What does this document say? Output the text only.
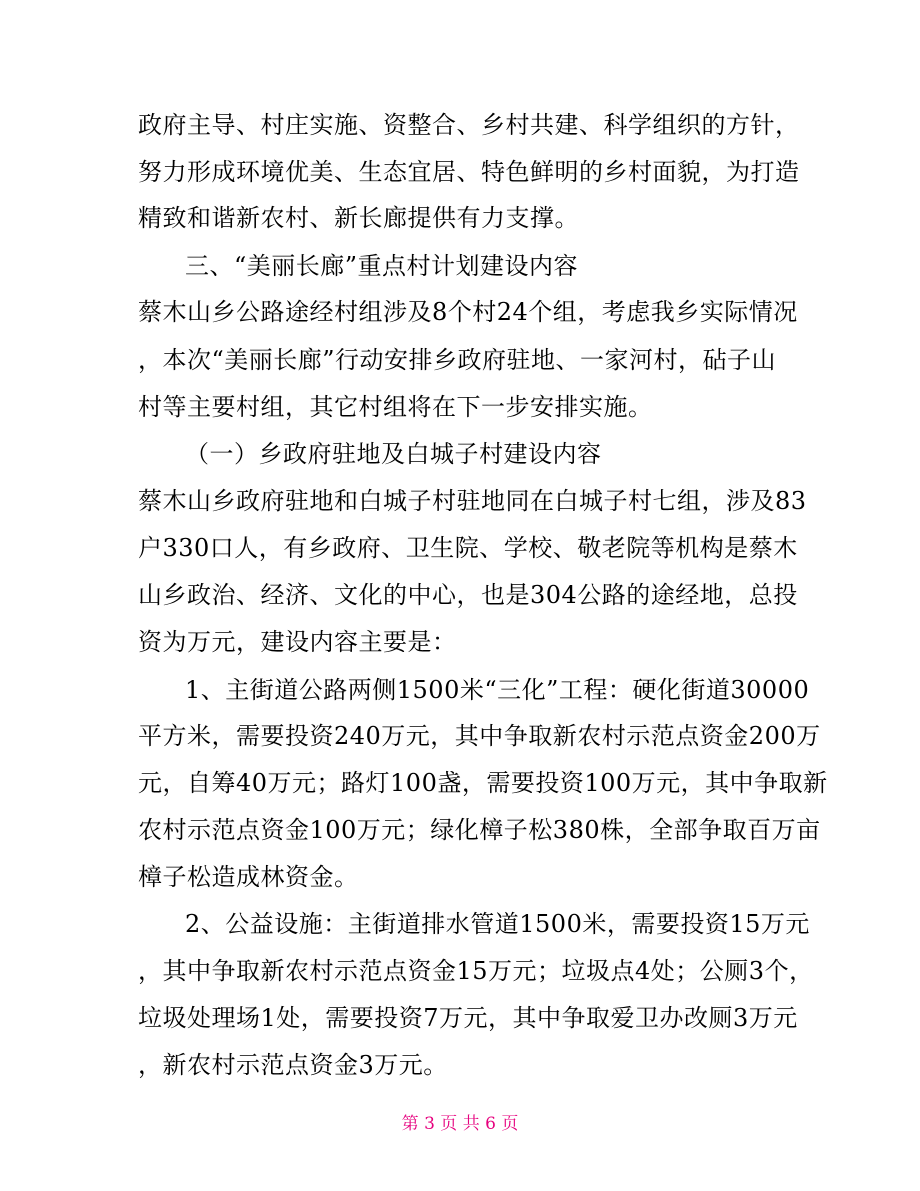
政府主导、村庄实施、资整合、乡村共建、科学组织的方针，
努力形成环境优美、生态宜居、特色鲜明的乡村面貌，为打造
精致和谐新农村、新长廊提供有力支撑。
三、“美丽长廊”重点村计划建设内容
蔡木山乡公路途经村组涉及8个村24个组，考虑我乡实际情况
，本次“美丽长廊”行动安排乡政府驻地、一家河村，砧子山
村等主要村组，其它村组将在下一步安排实施。
（一）乡政府驻地及白城子村建设内容
蔡木山乡政府驻地和白城子村驻地同在白城子村七组，涉及83
户330口人，有乡政府、卫生院、学校、敬老院等机构是蔡木
山乡政治、经济、文化的中心，也是304公路的途经地，总投
资为万元，建设内容主要是：
1、主街道公路两侧1500米“三化”工程：硬化街道30000
平方米，需要投资240万元，其中争取新农村示范点资金200万
元，自筹40万元；路灯100盏，需要投资100万元，其中争取新
农村示范点资金100万元；绿化樟子松380株，全部争取百万亩
樟子松造成林资金。
2、公益设施：主街道排水管道1500米，需要投资15万元
，其中争取新农村示范点资金15万元；垃圾点4处；公厕3个，
垃圾处理场1处，需要投资7万元，其中争取爱卫办改厕3万元
，新农村示范点资金3万元。
第 3 页 共 6 页
